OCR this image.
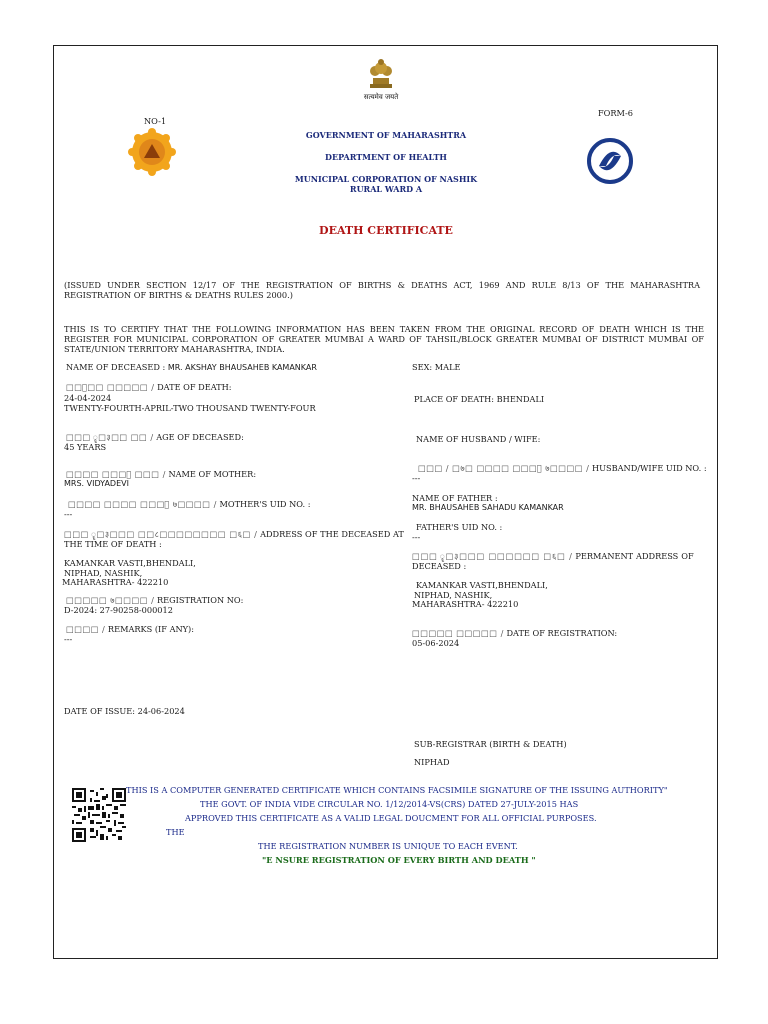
सत्यमेव जयते
NO-1
FORM-6
GOVERNMENT OF MAHARASHTRA
DEPARTMENT OF HEALTH
MUNICIPAL CORPORATION OF NASHIK
RURAL WARD A
DEATH CERTIFICATE
(ISSUED UNDER SECTION 12/17 OF THE REGISTRATION OF BIRTHS & DEATHS ACT, 1969 AND RULE 8/13 OF THE MAHARASHTRA REGISTRATION OF BIRTHS & DEATHS RULES 2000.)
THIS IS TO CERTIFY THAT THE FOLLOWING INFORMATION HAS BEEN TAKEN FROM THE ORIGINAL RECORD OF DEATH WHICH IS THE REGISTER FOR MUNICIPAL CORPORATION OF GREATER MUMBAI A WARD OF TAHSIL/BLOCK GREATER MUMBAI OF DISTRICT MUMBAI OF STATE/UNION TERRITORY MAHARASHTRA, INDIA.
NAME OF DECEASED : MR. AKSHAY BHAUSAHEB KAMANKAR
□□ृ□□ □□□□□ / DATE OF DEATH:
24-04-2024
TWENTY-FOURTH-APRIL-TWO THOUSAND TWENTY-FOUR
□□□ ॄ□३□□ □□ / AGE OF DECEASED:
45 YEARS
□□□□ □□□ॅ □□□ / NAME OF MOTHER:
MRS. VIDYADEVI
□□□□ □□□□ □□□ॅ ७□□□□ / MOTHER'S UID NO. :
---
□□□ ॄ□३□□□ □□८□□□□□□□□ □६□ / ADDRESS OF THE DECEASED AT THE TIME OF DEATH :
KAMANKAR VASTI,BHENDALI,
NIPHAD, NASHIK,
MAHARASHTRA- 422210
□□□□□ ७□□□□ / REGISTRATION NO:
D-2024: 27-90258-000012
□□□□ / REMARKS (IF ANY):
---
SEX: MALE
PLACE OF DEATH: BHENDALI
NAME OF HUSBAND / WIFE:
□□□ / □७□ □□□□ □□□ॅ ७□□□□ / HUSBAND/WIFE UID NO. :
---
NAME OF FATHER :
MR. BHAUSAHEB SAHADU KAMANKAR
FATHER'S UID NO. :
---
□□□ ॄ□३□□□ □□□□□□ □६□ / PERMANENT ADDRESS OF DECEASED :
KAMANKAR VASTI,BHENDALI,
NIPHAD, NASHIK,
MAHARASHTRA- 422210
□□□□□ □□□□□ / DATE OF REGISTRATION:
05-06-2024
DATE OF ISSUE: 24-06-2024
SUB-REGISTRAR (BIRTH & DEATH)
NIPHAD
THIS IS A COMPUTER GENERATED CERTIFICATE WHICH CONTAINS FACSIMILE SIGNATURE OF THE ISSUING AUTHORITY"
THE GOVT. OF INDIA VIDE CIRCULAR NO. 1/12/2014-VS(CRS) DATED 27-JULY-2015 HAS
APPROVED THIS CERTIFICATE AS A VALID LEGAL DOUCMENT FOR ALL OFFICIAL PURPOSES.
THE
THE REGISTRATION NUMBER IS UNIQUE TO EACH EVENT.
"E NSURE REGISTRATION OF EVERY BIRTH AND DEATH "
